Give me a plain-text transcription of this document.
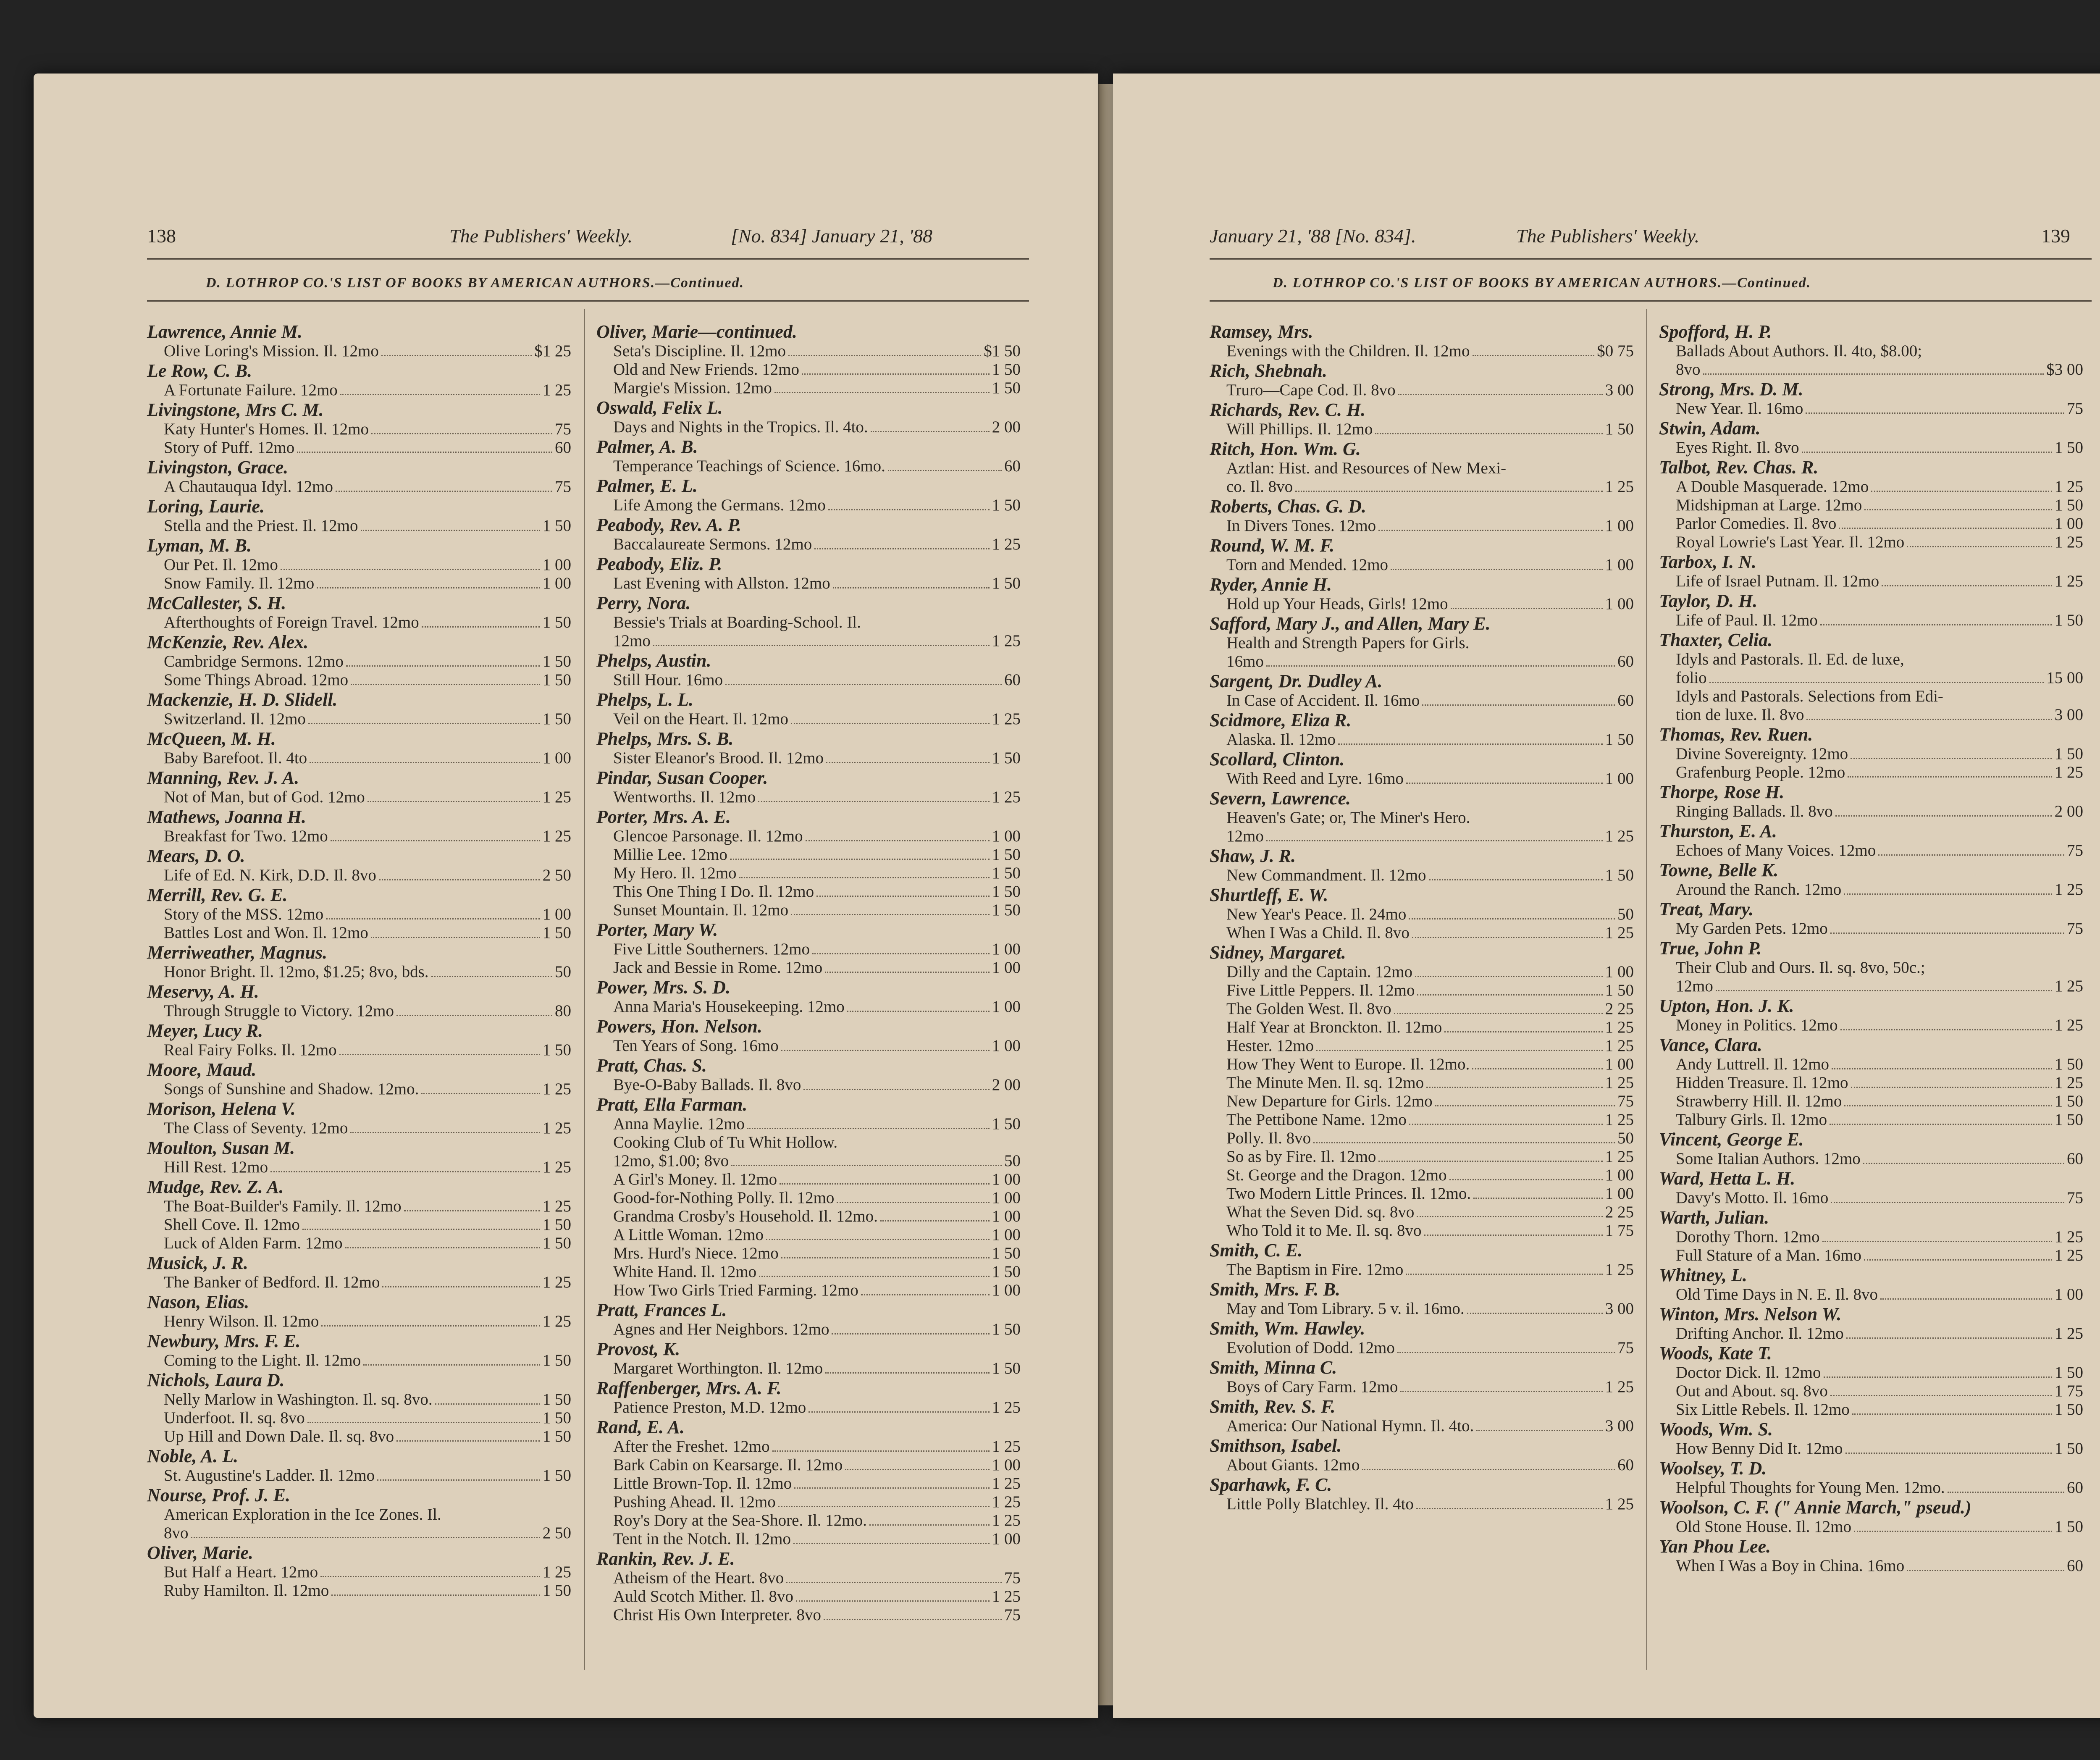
138	The Publishers' Weekly.	[No. 834] January 21, '88
D. LOTHROP CO.'S LIST OF BOOKS BY AMERICAN AUTHORS.—Continued.
Lawrence, Annie M.
Olive Loring's Mission. Il. 12mo	$1 25
Le Row, C. B.
A Fortunate Failure. 12mo	1 25
Livingstone, Mrs C. M.
Katy Hunter's Homes. Il. 12mo	75
Story of Puff. 12mo	60
Livingston, Grace.
A Chautauqua Idyl. 12mo	75
Loring, Laurie.
Stella and the Priest. Il. 12mo	1 50
Lyman, M. B.
Our Pet. Il. 12mo	1 00
Snow Family. Il. 12mo	1 00
McCallester, S. H.
Afterthoughts of Foreign Travel. 12mo	1 50
McKenzie, Rev. Alex.
Cambridge Sermons. 12mo	1 50
Some Things Abroad. 12mo	1 50
Mackenzie, H. D. Slidell.
Switzerland. Il. 12mo	1 50
McQueen, M. H.
Baby Barefoot. Il. 4to	1 00
Manning, Rev. J. A.
Not of Man, but of God. 12mo	1 25
Mathews, Joanna H.
Breakfast for Two. 12mo	1 25
Mears, D. O.
Life of Ed. N. Kirk, D.D. Il. 8vo	2 50
Merrill, Rev. G. E.
Story of the MSS. 12mo	1 00
Battles Lost and Won. Il. 12mo	1 50
Merriweather, Magnus.
Honor Bright. Il. 12mo, $1.25; 8vo, bds.	50
Meservy, A. H.
Through Struggle to Victory. 12mo	80
Meyer, Lucy R.
Real Fairy Folks. Il. 12mo	1 50
Moore, Maud.
Songs of Sunshine and Shadow. 12mo.	1 25
Morison, Helena V.
The Class of Seventy. 12mo	1 25
Moulton, Susan M.
Hill Rest. 12mo	1 25
Mudge, Rev. Z. A.
The Boat-Builder's Family. Il. 12mo	1 25
Shell Cove. Il. 12mo	1 50
Luck of Alden Farm. 12mo	1 50
Musick, J. R.
The Banker of Bedford. Il. 12mo	1 25
Nason, Elias.
Henry Wilson. Il. 12mo	1 25
Newbury, Mrs. F. E.
Coming to the Light. Il. 12mo	1 50
Nichols, Laura D.
Nelly Marlow in Washington. Il. sq. 8vo.	1 50
Underfoot. Il. sq. 8vo	1 50
Up Hill and Down Dale. Il. sq. 8vo	1 50
Noble, A. L.
St. Augustine's Ladder. Il. 12mo	1 50
Nourse, Prof. J. E.
American Exploration in the Ice Zones. Il.
8vo	2 50
Oliver, Marie.
But Half a Heart. 12mo	1 25
Ruby Hamilton. Il. 12mo	1 50
Oliver, Marie—continued.
Seta's Discipline. Il. 12mo	$1 50
Old and New Friends. 12mo	1 50
Margie's Mission. 12mo	1 50
Oswald, Felix L.
Days and Nights in the Tropics. Il. 4to.	2 00
Palmer, A. B.
Temperance Teachings of Science. 16mo.	60
Palmer, E. L.
Life Among the Germans. 12mo	1 50
Peabody, Rev. A. P.
Baccalaureate Sermons. 12mo	1 25
Peabody, Eliz. P.
Last Evening with Allston. 12mo	1 50
Perry, Nora.
Bessie's Trials at Boarding-School. Il.
12mo	1 25
Phelps, Austin.
Still Hour. 16mo	60
Phelps, L. L.
Veil on the Heart. Il. 12mo	1 25
Phelps, Mrs. S. B.
Sister Eleanor's Brood. Il. 12mo	1 50
Pindar, Susan Cooper.
Wentworths. Il. 12mo	1 25
Porter, Mrs. A. E.
Glencoe Parsonage. Il. 12mo	1 00
Millie Lee. 12mo	1 50
My Hero. Il. 12mo	1 50
This One Thing I Do. Il. 12mo	1 50
Sunset Mountain. Il. 12mo	1 50
Porter, Mary W.
Five Little Southerners. 12mo	1 00
Jack and Bessie in Rome. 12mo	1 00
Power, Mrs. S. D.
Anna Maria's Housekeeping. 12mo	1 00
Powers, Hon. Nelson.
Ten Years of Song. 16mo	1 00
Pratt, Chas. S.
Bye-O-Baby Ballads. Il. 8vo	2 00
Pratt, Ella Farman.
Anna Maylie. 12mo	1 50
Cooking Club of Tu Whit Hollow.
12mo, $1.00; 8vo	50
A Girl's Money. Il. 12mo	1 00
Good-for-Nothing Polly. Il. 12mo	1 00
Grandma Crosby's Household. Il. 12mo.	1 00
A Little Woman. 12mo	1 00
Mrs. Hurd's Niece. 12mo	1 50
White Hand. Il. 12mo	1 50
How Two Girls Tried Farming. 12mo	1 00
Pratt, Frances L.
Agnes and Her Neighbors. 12mo	1 50
Provost, K.
Margaret Worthington. Il. 12mo	1 50
Raffenberger, Mrs. A. F.
Patience Preston, M.D. 12mo	1 25
Rand, E. A.
After the Freshet. 12mo	1 25
Bark Cabin on Kearsarge. Il. 12mo	1 00
Little Brown-Top. Il. 12mo	1 25
Pushing Ahead. Il. 12mo	1 25
Roy's Dory at the Sea-Shore. Il. 12mo.	1 25
Tent in the Notch. Il. 12mo	1 00
Rankin, Rev. J. E.
Atheism of the Heart. 8vo	75
Auld Scotch Mither. Il. 8vo	1 25
Christ His Own Interpreter. 8vo	75
January 21, '88 [No. 834].	The Publishers' Weekly.	139
D. LOTHROP CO.'S LIST OF BOOKS BY AMERICAN AUTHORS.—Continued.
Ramsey, Mrs.
Evenings with the Children. Il. 12mo	$0 75
Rich, Shebnah.
Truro—Cape Cod. Il. 8vo	3 00
Richards, Rev. C. H.
Will Phillips. Il. 12mo	1 50
Ritch, Hon. Wm. G.
Aztlan: Hist. and Resources of New Mexi-
co. Il. 8vo	1 25
Roberts, Chas. G. D.
In Divers Tones. 12mo	1 00
Round, W. M. F.
Torn and Mended. 12mo	1 00
Ryder, Annie H.
Hold up Your Heads, Girls! 12mo	1 00
Safford, Mary J., and Allen, Mary E.
Health and Strength Papers for Girls.
16mo	60
Sargent, Dr. Dudley A.
In Case of Accident. Il. 16mo	60
Scidmore, Eliza R.
Alaska. Il. 12mo	1 50
Scollard, Clinton.
With Reed and Lyre. 16mo	1 00
Severn, Lawrence.
Heaven's Gate; or, The Miner's Hero.
12mo	1 25
Shaw, J. R.
New Commandment. Il. 12mo	1 50
Shurtleff, E. W.
New Year's Peace. Il. 24mo	50
When I Was a Child. Il. 8vo	1 25
Sidney, Margaret.
Dilly and the Captain. 12mo	1 00
Five Little Peppers. Il. 12mo	1 50
The Golden West. Il. 8vo	2 25
Half Year at Bronckton. Il. 12mo	1 25
Hester. 12mo	1 25
How They Went to Europe. Il. 12mo.	1 00
The Minute Men. Il. sq. 12mo	1 25
New Departure for Girls. 12mo	75
The Pettibone Name. 12mo	1 25
Polly. Il. 8vo	50
So as by Fire. Il. 12mo	1 25
St. George and the Dragon. 12mo	1 00
Two Modern Little Princes. Il. 12mo.	1 00
What the Seven Did. sq. 8vo	2 25
Who Told it to Me. Il. sq. 8vo	1 75
Smith, C. E.
The Baptism in Fire. 12mo	1 25
Smith, Mrs. F. B.
May and Tom Library. 5 v. il. 16mo.	3 00
Smith, Wm. Hawley.
Evolution of Dodd. 12mo	75
Smith, Minna C.
Boys of Cary Farm. 12mo	1 25
Smith, Rev. S. F.
America: Our National Hymn. Il. 4to.	3 00
Smithson, Isabel.
About Giants. 12mo	60
Sparhawk, F. C.
Little Polly Blatchley. Il. 4to	1 25
Spofford, H. P.
Ballads About Authors. Il. 4to, $8.00;
8vo	$3 00
Strong, Mrs. D. M.
New Year. Il. 16mo	75
Stwin, Adam.
Eyes Right. Il. 8vo	1 50
Talbot, Rev. Chas. R.
A Double Masquerade. 12mo	1 25
Midshipman at Large. 12mo	1 50
Parlor Comedies. Il. 8vo	1 00
Royal Lowrie's Last Year. Il. 12mo	1 25
Tarbox, I. N.
Life of Israel Putnam. Il. 12mo	1 25
Taylor, D. H.
Life of Paul. Il. 12mo	1 50
Thaxter, Celia.
Idyls and Pastorals. Il. Ed. de luxe,
folio	15 00
Idyls and Pastorals. Selections from Edi-
tion de luxe. Il. 8vo	3 00
Thomas, Rev. Ruen.
Divine Sovereignty. 12mo	1 50
Grafenburg People. 12mo	1 25
Thorpe, Rose H.
Ringing Ballads. Il. 8vo	2 00
Thurston, E. A.
Echoes of Many Voices. 12mo	75
Towne, Belle K.
Around the Ranch. 12mo	1 25
Treat, Mary.
My Garden Pets. 12mo	75
True, John P.
Their Club and Ours. Il. sq. 8vo, 50c.;
12mo	1 25
Upton, Hon. J. K.
Money in Politics. 12mo	1 25
Vance, Clara.
Andy Luttrell. Il. 12mo	1 50
Hidden Treasure. Il. 12mo	1 25
Strawberry Hill. Il. 12mo	1 50
Talbury Girls. Il. 12mo	1 50
Vincent, George E.
Some Italian Authors. 12mo	60
Ward, Hetta L. H.
Davy's Motto. Il. 16mo	75
Warth, Julian.
Dorothy Thorn. 12mo	1 25
Full Stature of a Man. 16mo	1 25
Whitney, L.
Old Time Days in N. E. Il. 8vo	1 00
Winton, Mrs. Nelson W.
Drifting Anchor. Il. 12mo	1 25
Woods, Kate T.
Doctor Dick. Il. 12mo	1 50
Out and About. sq. 8vo	1 75
Six Little Rebels. Il. 12mo	1 50
Woods, Wm. S.
How Benny Did It. 12mo	1 50
Woolsey, T. D.
Helpful Thoughts for Young Men. 12mo.	60
Woolson, C. F. (" Annie March," pseud.)
Old Stone House. Il. 12mo	1 50
Yan Phou Lee.
When I Was a Boy in China. 16mo	60
